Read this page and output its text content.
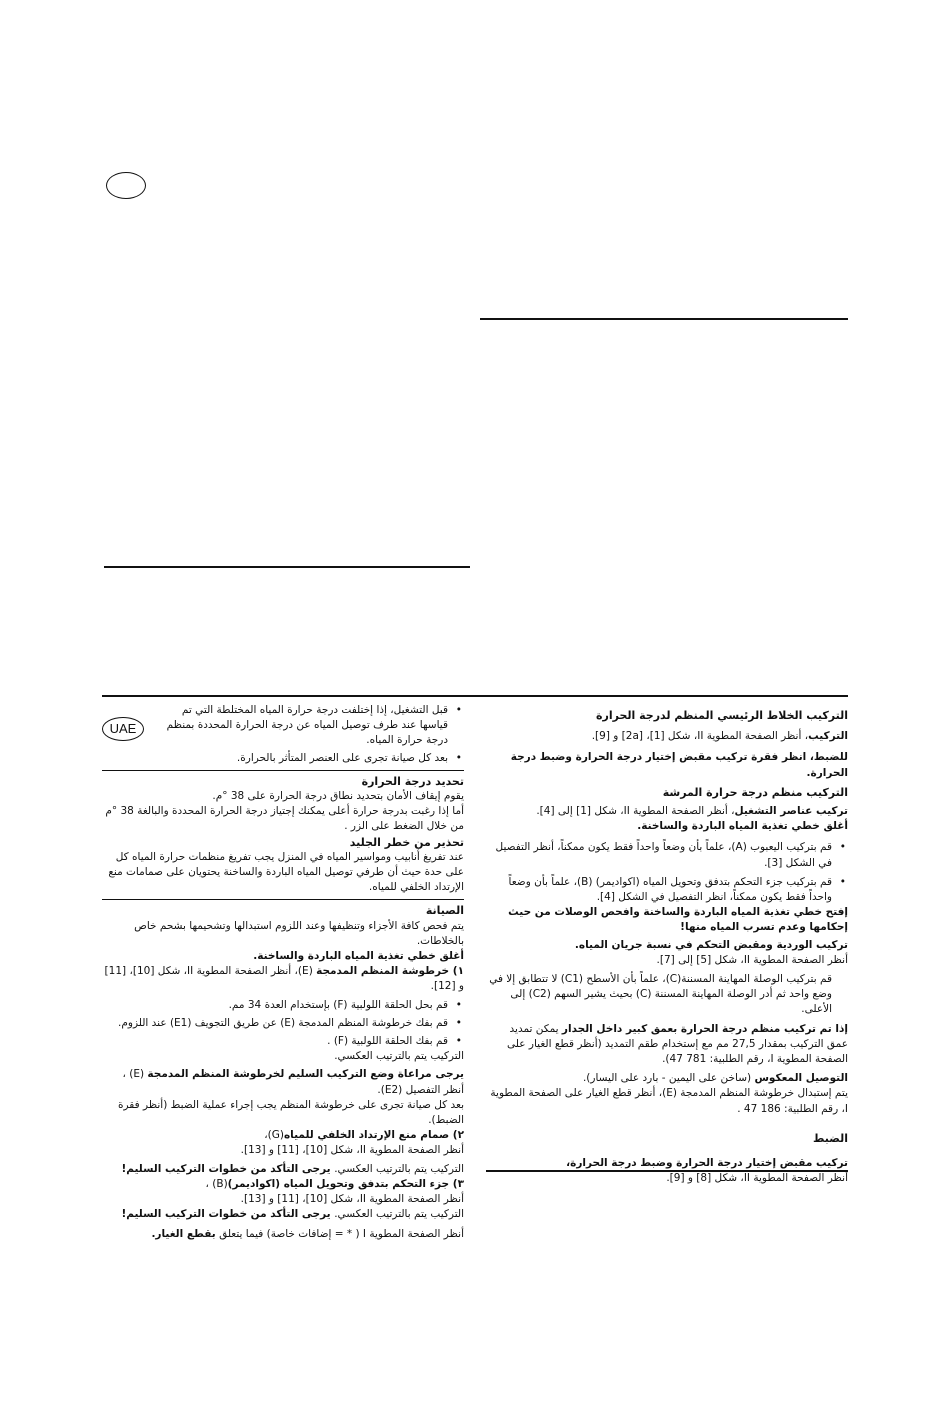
UAE

التركيب الخلاط الرئيسي المنظم لدرجة الحرارة

التركيب، أنظر الصفحة المطوية II، شكل [1]، [2a] و [9].

للضبط، انظر فقرة تركيب مقبض إختيار درجة الحرارة وضبط درجة الحرارة.

التركيب منظم درجة حرارة المرشة

تركيب عناصر التشغيل، أنظر الصفحة المطوية II، شكل [1] إلى [4].

أغلق خطي تغذية المياه الباردة والساخنة.

• قم بتركيب اليعبوب (A)، علماً بأن وضعاً واحداً فقط يكون ممكناً، أنظر التفصيل في الشكل [3].

• قم بتركيب جزء التحكم بتدفق وتحويل المياه (اكواديمر) (B)، علماً بأن وضعاً واحداً فقط يكون ممكناً، انظر التفصيل في الشكل [4].

إفتح خطي تغذية المياه الباردة والساخنة وافحص الوصلات من حيث إحكامها وعدم تسرب المياه منها!

تركيب الوردية ومقبض التحكم في نسبة جريان المياه.

أنظر الصفحة المطوية II، شكل [5] إلى [7].

قم بتركيب الوصلة المهاينة المسننة(C)، علماً بأن الأسطح (C1) لا تتطابق إلا في وضع واحد ثم أدر الوصلة المهاينة المسننة (C) بحيث يشير السهم (C2) إلى الأعلى.

إذا تم تركيب منظم درجة الحرارة بعمق كبير داخل الجدار يمكن تمديد عمق التركيب بمقدار 27,5 مم مع إستخدام طقم التمديد (أنظر قطع الغيار على الصفحة المطوية I، رقم الطلبية: 781 47).

التوصيل المعكوس (ساخن على اليمين - بارد على اليسار).

يتم إستبدال خرطوشة المنظم المدمجة (E)، أنظر قطع الغيار على الصفحة المطوية I، رقم الطلبية: 186 47 .

الضبط

تركيب مقبض إختيار درجة الحرارة وضبط درجة الحرارة،

أنظر الصفحة المطوية II، شكل [8] و [9].

• قبل التشغيل، إذا إختلفت درجة حرارة المياه المختلطة التي تم قياسها عند طرف توصيل المياه عن درجة الحرارة المحددة بمنظم درجة حرارة المياه.

• بعد كل صيانة تجرى على العنصر المتأثر بالحرارة.

تحديد درجة الحرارة

يقوم إيقاف الأمان بتحديد نطاق درجة الحرارة على 38 °م.

أما إذا رغبت بدرجة حرارة أعلى يمكنك إجتياز درجة الحرارة المحددة والبالغة 38 °م من خلال الضغط على الزر .

تحذير من خطر الجليد

عند تفريغ أنابيب ومواسير المياه في المنزل يجب تفريغ منظمات حرارة المياه كل على حدة حيث أن طرفي توصيل المياه الباردة والساخنة يحتويان على صمامات منع الإرتداد الخلفي للمياه.

الصيانة

يتم فحص كافة الأجزاء وتنظيفها وعند اللزوم استبدالها وتشحيمها بشحم خاص بالخلاطات.

أغلق خطي تغذية المياه الباردة والساخنة.

١) خرطوشة المنظم المدمجة (E)، أنظر الصفحة المطوية II، شكل [10]، [11] و [12].

• قم بحل الحلقة اللولبية (F) بإستخدام العدة 34 مم.

• قم بفك خرطوشة المنظم المدمجة (E) عن طريق التجويف (E1) عند اللزوم.

• قم بفك الحلقة اللولبية (F) .

التركيب يتم بالترتيب العكسي.

يرجى مراعاة وضع التركيب السليم لخرطوشة المنظم المدمجة (E) ،

أنظر التفصيل (E2).

بعد كل صيانة تجرى على خرطوشة المنظم يجب إجراء عملية الضبط (أنظر فقرة الضبط).

٢) صمام منع الإرتداد الخلفي للمياه(G)،

أنظر الصفحة المطوية II، شكل [10]، [11] و [13].

التركيب يتم بالترتيب العكسي. يرجى التأكد من خطوات التركيب السليم!

٣) جزء التحكم بتدفق وتحويل المياه (اكواديمر)(B) ،

أنظر الصفحة المطوية II، شكل [10]، [11] و [13].

التركيب يتم بالترتيب العكسي. يرجى التأكد من خطوات التركيب السليم!

أنظر الصفحة المطوية I ( * = إضافات خاصة) فيما يتعلق بقطع الغيار.
